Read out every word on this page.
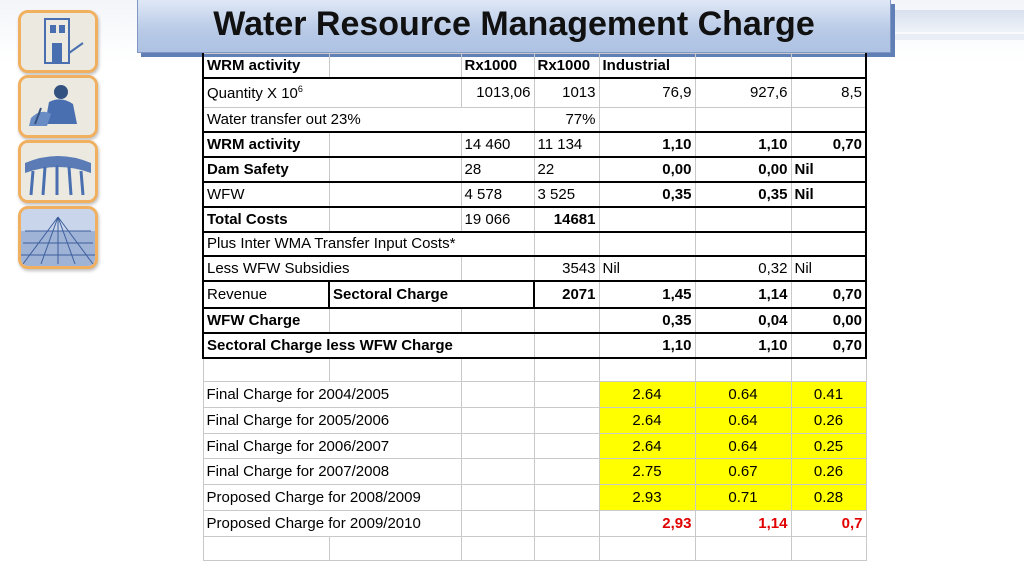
Water Resource Management Charge
WRM activity		Rx1000	Rx1000	Industrial		
Quantity X $10^6$		1013,06	1013	76,9	927,6	8,5
Water transfer out 23%			77%			
WRM activity		14 460	11 134	1,10	1,10	0,70
Dam Safety		28	22	0,00	0,00	Nil
WFW		4 578	3 525	0,35	0,35	Nil
Total Costs		19 066	14681			
Plus Inter WMA Transfer Input Costs*						
Less WFW Subsidies			3543	Nil	0,32	Nil
Revenue	Sectoral Charge		2071	1,45	1,14	0,70
WFW Charge				0,35	0,04	0,00
Sectoral Charge less WFW Charge				1,10	1,10	0,70

Final Charge for 2004/2005				2.64	0.64	0.41
Final Charge for 2005/2006				2.64	0.64	0.26
Final Charge for 2006/2007				2.64	0.64	0.25
Final Charge for 2007/2008				2.75	0.67	0.26
Proposed Charge for 2008/2009				2.93	0.71	0.28
Proposed Charge for 2009/2010				2,93	1,14	0,7
